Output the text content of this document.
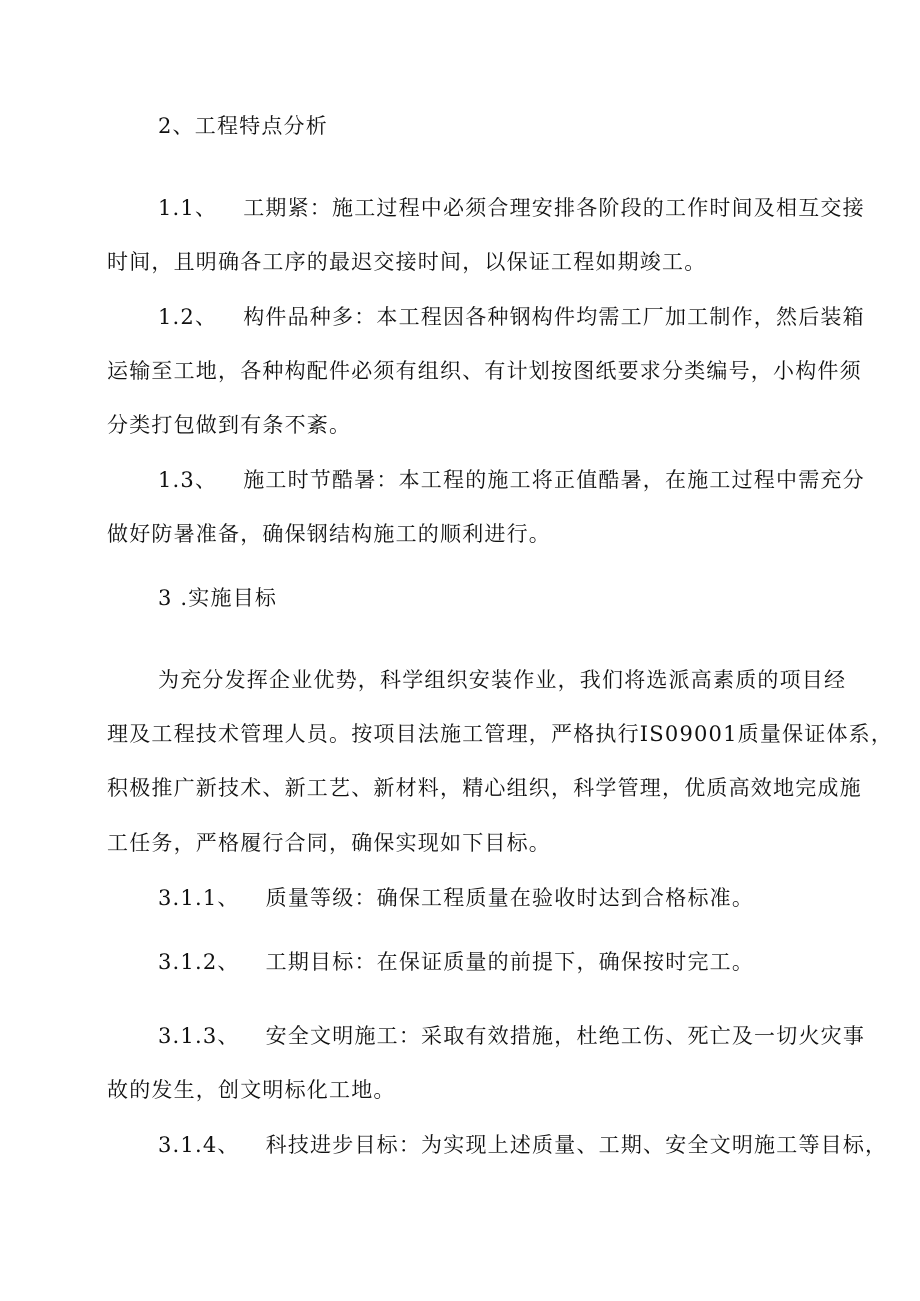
2、工程特点分析
1.1、 工期紧：施工过程中必须合理安排各阶段的工作时间及相互交接
时间，且明确各工序的最迟交接时间，以保证工程如期竣工。
1.2、 构件品种多：本工程因各种钢构件均需工厂加工制作，然后装箱
运输至工地，各种构配件必须有组织、有计划按图纸要求分类编号，小构件须
分类打包做到有条不紊。
1.3、 施工时节酷暑：本工程的施工将正值酷暑，在施工过程中需充分
做好防暑准备，确保钢结构施工的顺利进行。
3 .实施目标
为充分发挥企业优势，科学组织安装作业，我们将选派高素质的项目经
理及工程技术管理人员。按项目法施工管理，严格执行IS09001质量保证体系，
积极推广新技术、新工艺、新材料，精心组织，科学管理，优质高效地完成施
工任务，严格履行合同，确保实现如下目标。
3.1.1、 质量等级：确保工程质量在验收时达到合格标准。
3.1.2、 工期目标：在保证质量的前提下，确保按时完工。
3.1.3、 安全文明施工：采取有效措施，杜绝工伤、死亡及一切火灾事
故的发生，创文明标化工地。
3.1.4、 科技进步目标：为实现上述质量、工期、安全文明施工等目标，
